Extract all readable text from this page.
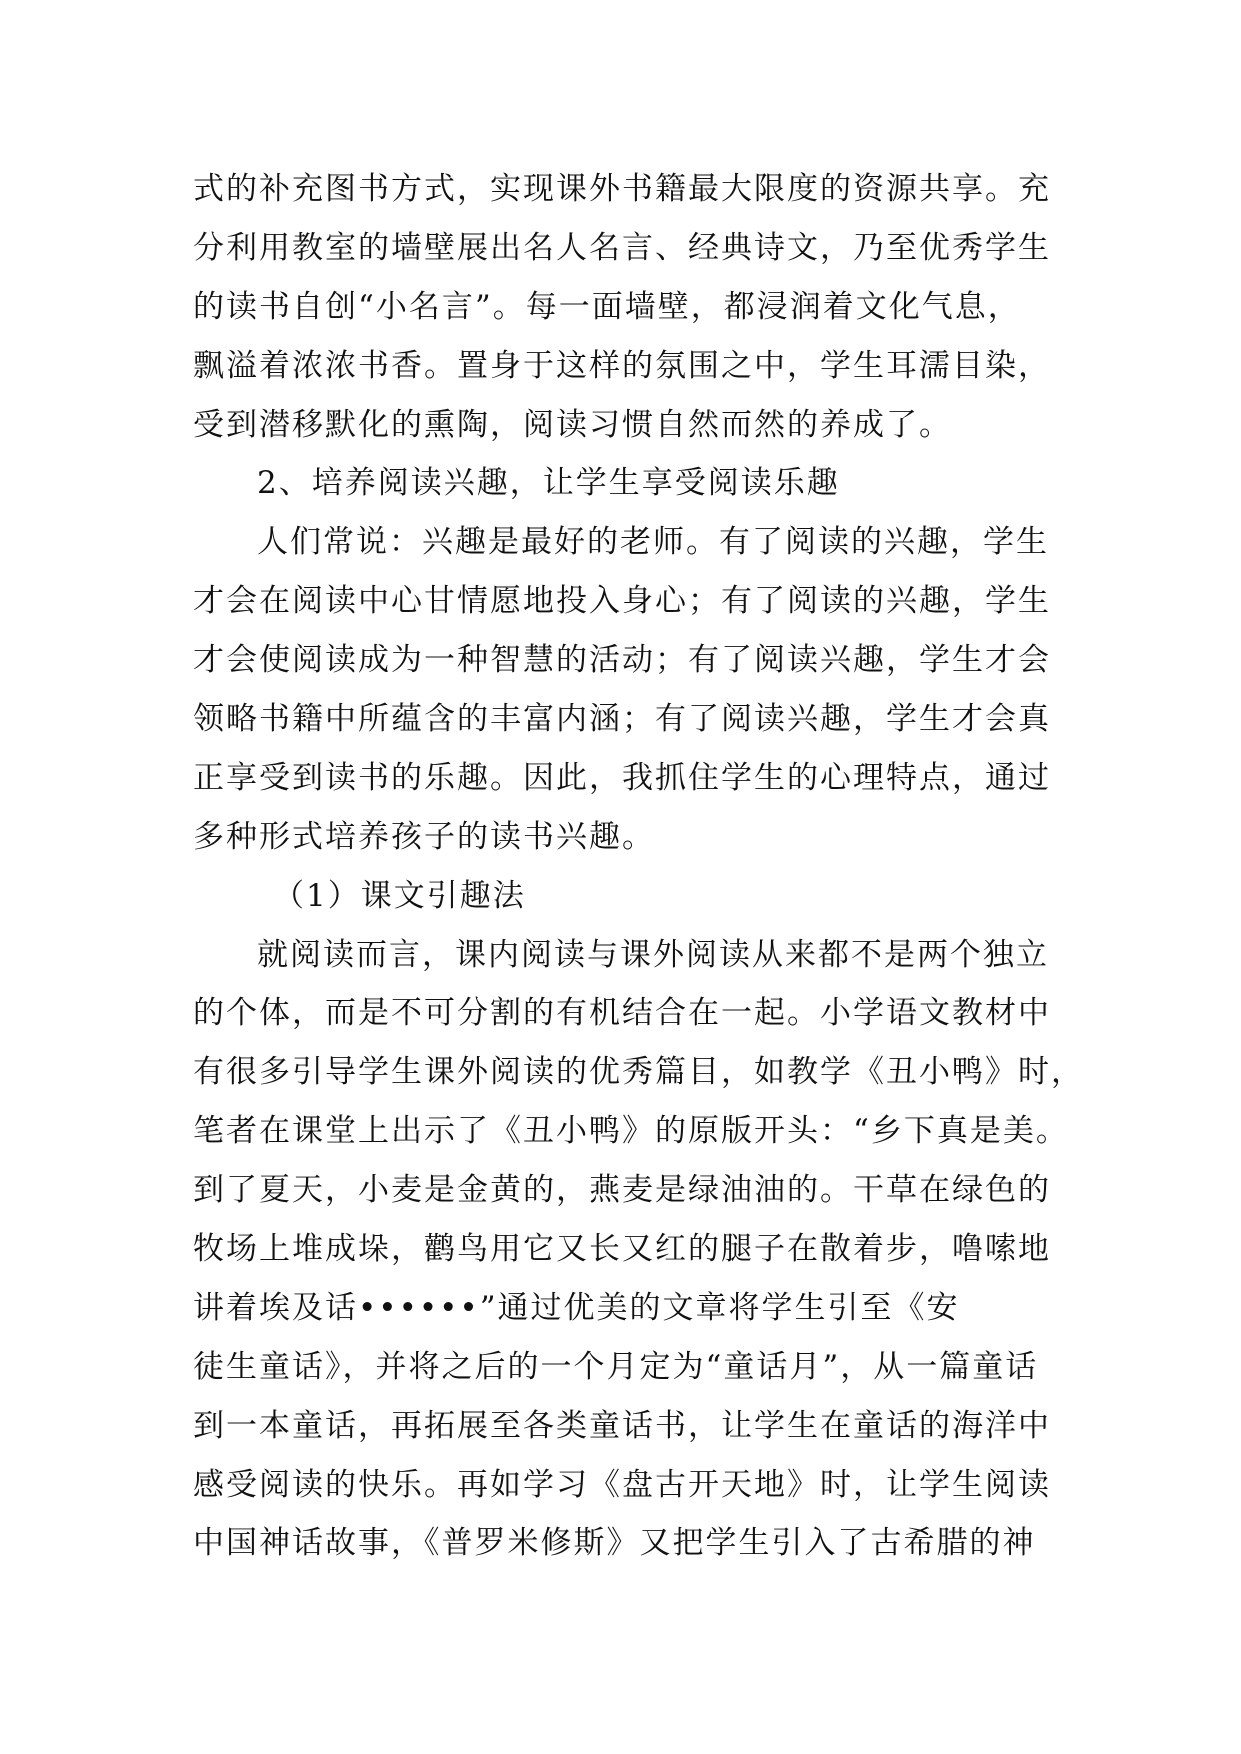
式的补充图书方式，实现课外书籍最大限度的资源共享。充
分利用教室的墙壁展出名人名言、经典诗文，乃至优秀学生
的读书自创“小名言”。每一面墙壁，都浸润着文化气息，
飘溢着浓浓书香。置身于这样的氛围之中，学生耳濡目染，
受到潜移默化的熏陶，阅读习惯自然而然的养成了。
2、培养阅读兴趣，让学生享受阅读乐趣
人们常说：兴趣是最好的老师。有了阅读的兴趣，学生
才会在阅读中心甘情愿地投入身心；有了阅读的兴趣，学生
才会使阅读成为一种智慧的活动；有了阅读兴趣，学生才会
领略书籍中所蕴含的丰富内涵；有了阅读兴趣，学生才会真
正享受到读书的乐趣。因此，我抓住学生的心理特点，通过
多种形式培养孩子的读书兴趣。
（1）课文引趣法
就阅读而言，课内阅读与课外阅读从来都不是两个独立
的个体，而是不可分割的有机结合在一起。小学语文教材中
有很多引导学生课外阅读的优秀篇目，如教学《丑小鸭》时，
笔者在课堂上出示了《丑小鸭》的原版开头：“乡下真是美。
到了夏天，小麦是金黄的，燕麦是绿油油的。干草在绿色的
牧场上堆成垛，鹳鸟用它又长又红的腿子在散着步，噜嗦地
讲着埃及话••••••”通过优美的文章将学生引至《安
徒生童话》，并将之后的一个月定为“童话月”，从一篇童话
到一本童话，再拓展至各类童话书，让学生在童话的海洋中
感受阅读的快乐。再如学习《盘古开天地》时，让学生阅读
中国神话故事，《普罗米修斯》又把学生引入了古希腊的神
